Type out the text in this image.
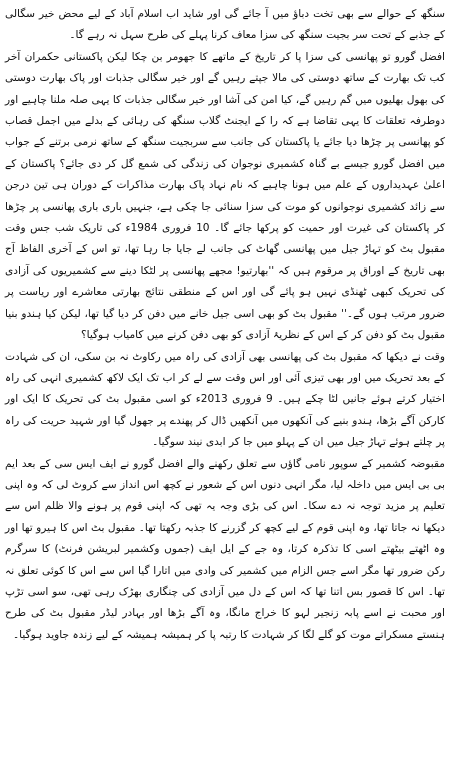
سنگھ کے حوالے سے بھی تخت دباؤ میں آ جائے گی اور شاید اب اسلام آباد کے لیے محض خیر سگالی کے جذبے کے تحت سر بجیت سنگھ کی سزا معاف کرنا پہلے کی طرح سہل نہ رہے گا۔

افضل گورو تو پھانسی کی سزا پا کر تاریخ کے ماتھے کا جھومر بن چکا لیکن پاکستانی حکمران آخر کب تک بھارت کے ساتھ دوستی کی مالا جپتے رہیں گے اور خیر سگالی جذبات اور پاک بھارت دوستی کی بھول بھلیوں میں گم رہیں گے، کیا امن کی آشا اور خیر سگالی جذبات کا یہی صلہ ملنا چاہیے اور دوطرفہ تعلقات کا یہی تقاضا ہے کہ را کے ایجنٹ گلاب سنگھ کی رہائی کے بدلے میں اجمل قصاب کو پھانسی پر چڑھا دیا جائے یا پاکستان کی جانب سے سربجیت سنگھ کے ساتھ نرمی برتنے کے جواب میں افضل گورو جیسے بے گناہ کشمیری نوجوان کی زندگی کی شمع گل کر دی جائے؟ پاکستان کے اعلیٰ عہدیداروں کے علم میں ہونا چاہیے کہ نام نہاد پاک بھارت مذاکرات کے دوران ہی تین درجن سے زائد کشمیری نوجوانوں کو موت کی سزا سنائی جا چکی ہے، جنہیں باری باری پھانسی پر چڑھا کر پاکستان کی غیرت اور حمیت کو پرکھا جائے گا۔ 10 فروری 1984ء کی تاریک شب جس وقت مقبول بٹ کو تہاڑ جیل میں پھانسی گھاٹ کی جانب لے جایا جا رہا تھا، تو اس کے آخری الفاظ آج بھی تاریخ کے اوراق پر مرقوم ہیں کہ ''بھارتیو! مجھے پھانسی پر لٹکا دینے سے کشمیریوں کی آزادی کی تحریک کبھی ٹھنڈی نہیں ہو پائے گی اور اس کے منطقی نتائج بھارتی معاشرے اور ریاست پر ضرور مرتب ہوں گے۔'' مقبول بٹ کو بھی اسی جیل خانے میں دفن کر دیا گیا تھا، لیکن کیا ہندو بنیا مقبول بٹ کو دفن کر کے اس کے نظریۂ آزادی کو بھی دفن کرنے میں کامیاب ہوگیا؟

وقت نے دیکھا کہ مقبول بٹ کی پھانسی بھی آزادی کی راہ میں رکاوٹ نہ بن سکی، ان کی شہادت کے بعد تحریک میں اور بھی تیزی آئی اور اس وقت سے لے کر اب تک ایک لاکھ کشمیری انہی کی راہ اختیار کرتے ہوئے جانیں لٹا چکے ہیں۔ 9 فروری 2013ء کو اسی مقبول بٹ کی تحریک کا ایک اور کارکن آگے بڑھا، ہندو بنیے کی آنکھوں میں آنکھیں ڈال کر پھندے پر جھول گیا اور شہید حریت کی راہ پر چلتے ہوئے تہاڑ جیل میں ان کے پہلو میں جا کر ابدی نیند سوگیا۔

مقبوضہ کشمیر کے سوپور نامی گاؤں سے تعلق رکھنے والے افضل گورو نے ایف ایس سی کے بعد ایم بی بی ایس میں داخلہ لیا، مگر انہی دنوں اس کے شعور نے کچھ اس انداز سے کروٹ لی کہ وہ اپنی تعلیم پر مزید توجہ نہ دے سکا۔ اس کی بڑی وجہ یہ تھی کہ اپنی قوم پر ہونے والا ظلم اس سے دیکھا نہ جاتا تھا، وہ اپنی قوم کے لیے کچھ کر گزرنے کا جذبہ رکھتا تھا۔ مقبول بٹ اس کا ہیرو تھا اور وہ اٹھتے بیٹھتے اسی کا تذکرہ کرتا، وہ جے کے ایل ایف (جموں وکشمیر لبریشن فرنٹ) کا سرگرم رکن ضرور تھا مگر اسے جس الزام میں کشمیر کی وادی میں اتارا گیا اس سے اس کا کوئی تعلق نہ تھا۔ اس کا قصور بس اتنا تھا کہ اس کے دل میں آزادی کی چنگاری بھڑک رہی تھی، سو اسی تڑپ اور محبت نے اسے پابہ زنجیر لہو کا خراج مانگا، وہ آگے بڑھا اور بہادر لیڈر مقبول بٹ کی طرح ہنستے مسکراتے موت کو گلے لگا کر شہادت کا رتبہ پا کر ہمیشہ ہمیشہ کے لیے زندہ جاوید ہوگیا۔
